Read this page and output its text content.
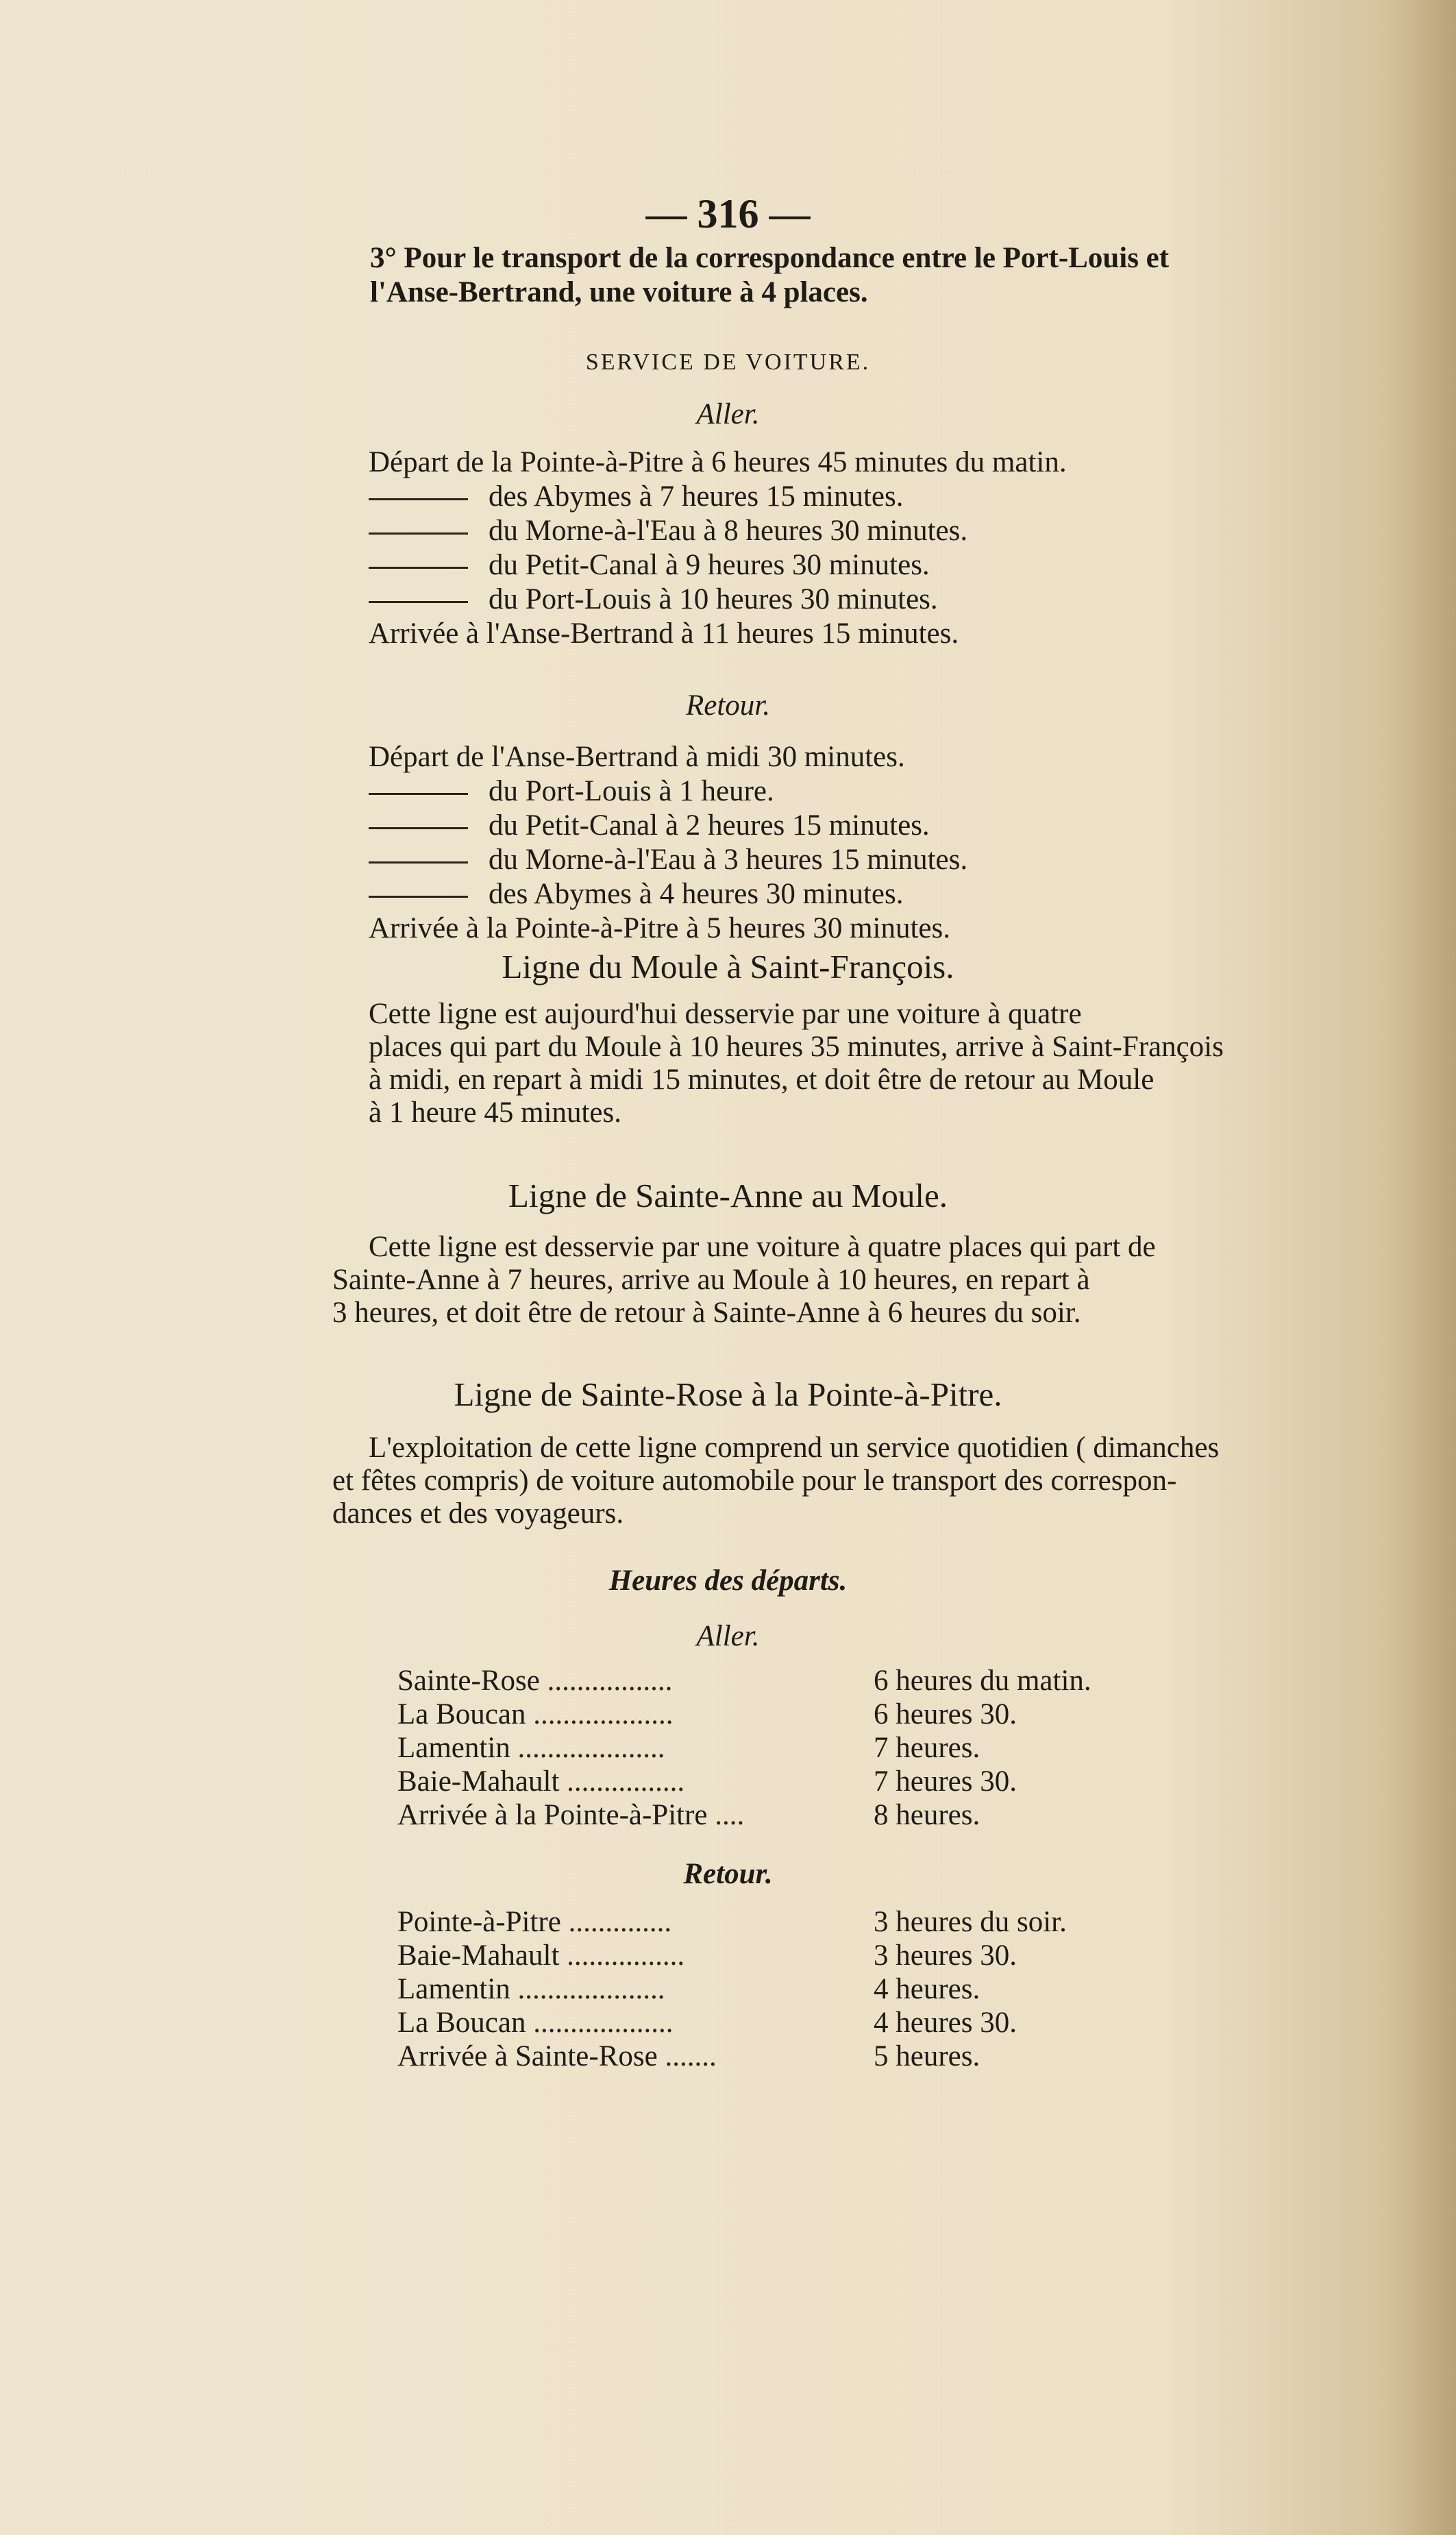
— 316 —
3° Pour le transport de la correspondance entre le Port-Louis et
l'Anse-Bertrand, une voiture à 4 places.
SERVICE DE VOITURE.
Aller.
Départ de la Pointe-à-Pitre à 6 heures 45 minutes du matin.
des Abymes à 7 heures 15 minutes.
du Morne-à-l'Eau à 8 heures 30 minutes.
du Petit-Canal à 9 heures 30 minutes.
du Port-Louis à 10 heures 30 minutes.
Arrivée à l'Anse-Bertrand à 11 heures 15 minutes.
Retour.
Départ de l'Anse-Bertrand à midi 30 minutes.
du Port-Louis à 1 heure.
du Petit-Canal à 2 heures 15 minutes.
du Morne-à-l'Eau à 3 heures 15 minutes.
des Abymes à 4 heures 30 minutes.
Arrivée à la Pointe-à-Pitre à 5 heures 30 minutes.
Ligne du Moule à Saint-François.
Cette ligne est aujourd'hui desservie par une voiture à quatre
places qui part du Moule à 10 heures 35 minutes, arrive à Saint-François
à midi, en repart à midi 15 minutes, et doit être de retour au Moule
à 1 heure 45 minutes.
Ligne de Sainte-Anne au Moule.
Cette ligne est desservie par une voiture à quatre places qui part de
Sainte-Anne à 7 heures, arrive au Moule à 10 heures, en repart à
3 heures, et doit être de retour à Sainte-Anne à 6 heures du soir.
Ligne de Sainte-Rose à la Pointe-à-Pitre.
L'exploitation de cette ligne comprend un service quotidien ( dimanches
et fêtes compris) de voiture automobile pour le transport des correspon-
dances et des voyageurs.
Heures des départs.
Aller.
Sainte-Rose .................	6 heures du matin.
La Boucan ...................	6 heures 30.
Lamentin ....................	7 heures.
Baie-Mahault ................	7 heures 30.
Arrivée à la Pointe-à-Pitre ....	8 heures.
Retour.
Pointe-à-Pitre ..............	3 heures du soir.
Baie-Mahault ................	3 heures 30.
Lamentin ....................	4 heures.
La Boucan ...................	4 heures 30.
Arrivée à Sainte-Rose .......	5 heures.
